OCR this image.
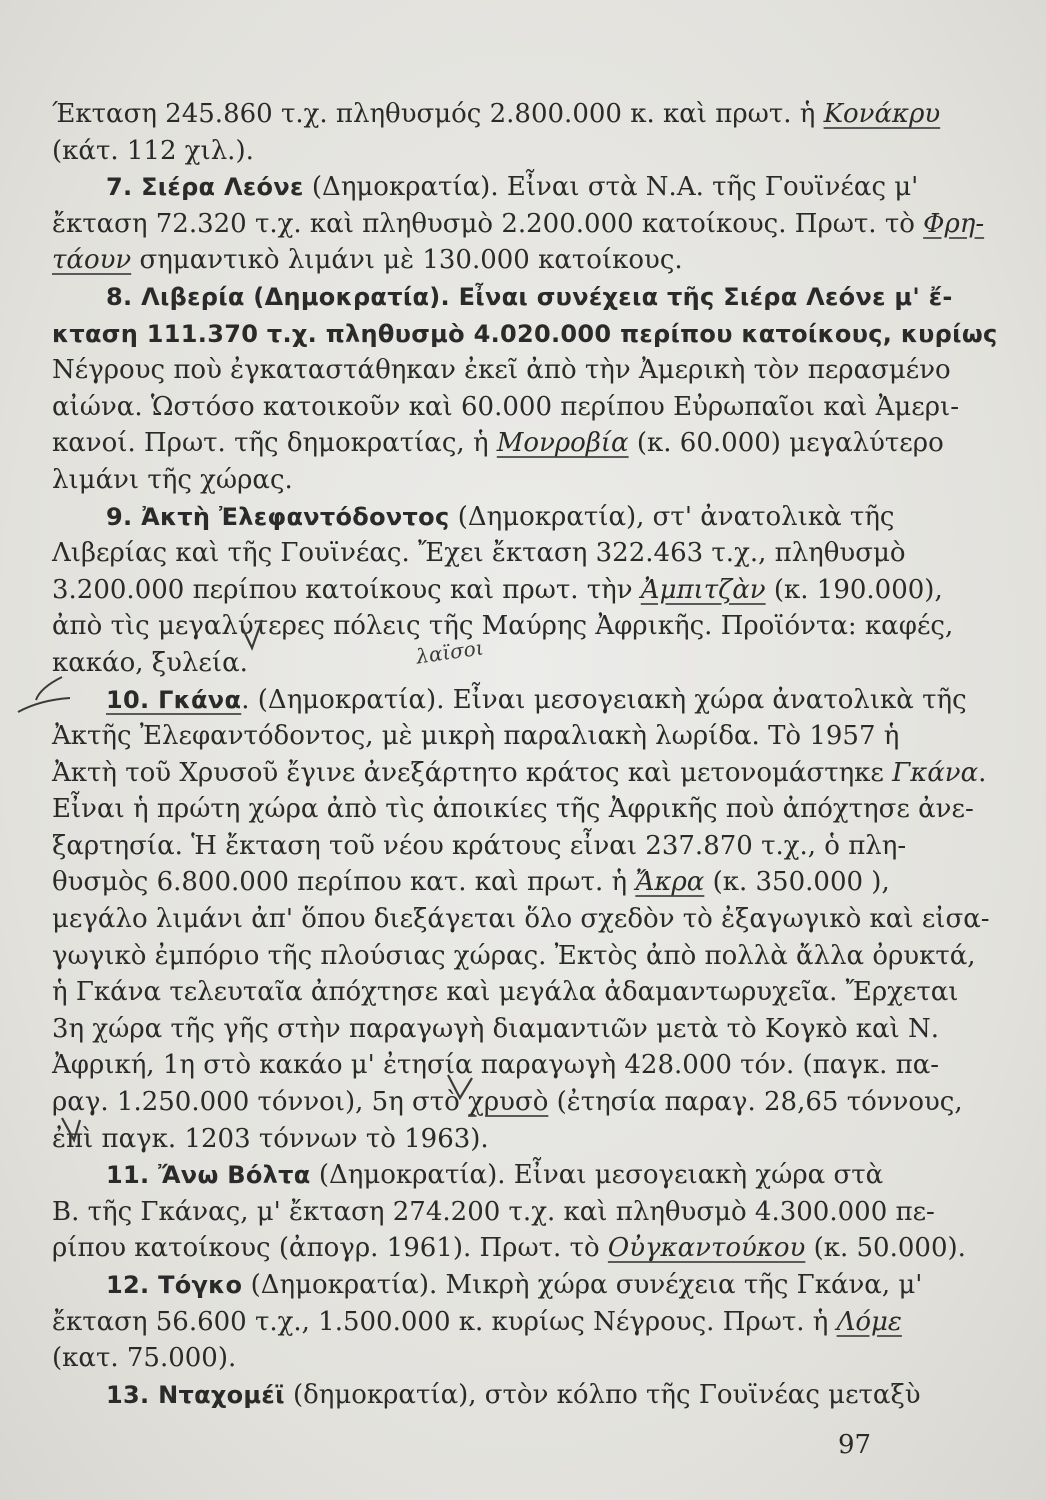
Έκταση 245.860 τ.χ. πληθυσμός 2.800.000 κ. καὶ πρωτ. ἡ Κονάκρυ
(κάτ. 112 χιλ.).
7. Σιέρα Λεόνε (Δημοκρατία). Εἶναι στὰ Ν.Α. τῆς Γουϊνέας μ'
ἔκταση 72.320 τ.χ. καὶ πληθυσμὸ 2.200.000 κατοίκους. Πρωτ. τὸ Φρη-
τάουν σημαντικὸ λιμάνι μὲ 130.000 κατοίκους.
8. Λιβερία (Δημοκρατία). Εἶναι συνέχεια τῆς Σιέρα Λεόνε μ' ἔ-
κταση 111.370 τ.χ. πληθυσμὸ 4.020.000 περίπου κατοίκους, κυρίως
Νέγρους ποὺ ἐγκαταστάθηκαν ἐκεῖ ἀπὸ τὴν Ἀμερικὴ τὸν περασμένο
αἰώνα. Ὡστόσο κατοικοῦν καὶ 60.000 περίπου Εὐρωπαῖοι καὶ Ἀμερι-
κανοί. Πρωτ. τῆς δημοκρατίας, ἡ Μονροβία (κ. 60.000) μεγαλύτερο
λιμάνι τῆς χώρας.
9. Ἀκτὴ Ἐλεφαντόδοντος (Δημοκρατία), στ' ἀνατολικὰ τῆς
Λιβερίας καὶ τῆς Γουϊνέας. Ἔχει ἔκταση 322.463 τ.χ., πληθυσμὸ
3.200.000 περίπου κατοίκους καὶ πρωτ. τὴν Ἀμπιτζὰν (κ. 190.000),
ἀπὸ τὶς μεγαλύτερες πόλεις τῆς Μαύρης Ἀφρικῆς. Προϊόντα: καφές,
κακάο, ξυλεία.
10. Γκάνα. (Δημοκρατία). Εἶναι μεσογειακὴ χώρα ἀνατολικὰ τῆς
Ἀκτῆς Ἐλεφαντόδοντος, μὲ μικρὴ παραλιακὴ λωρίδα. Τὸ 1957 ἡ
Ἀκτὴ τοῦ Χρυσοῦ ἔγινε ἀνεξάρτητο κράτος καὶ μετονομάστηκε Γκάνα.
Εἶναι ἡ πρώτη χώρα ἀπὸ τὶς ἀποικίες τῆς Ἀφρικῆς ποὺ ἀπόχτησε ἀνε-
ξαρτησία. Ἡ ἔκταση τοῦ νέου κράτους εἶναι 237.870 τ.χ., ὁ πλη-
θυσμὸς 6.800.000 περίπου κατ. καὶ πρωτ. ἡ Ἄκρα (κ. 350.000 ),
μεγάλο λιμάνι ἀπ' ὅπου διεξάγεται ὅλο σχεδὸν τὸ ἐξαγωγικὸ καὶ εἰσα-
γωγικὸ ἐμπόριο τῆς πλούσιας χώρας. Ἐκτὸς ἀπὸ πολλὰ ἄλλα ὀρυκτά,
ἡ Γκάνα τελευταῖα ἀπόχτησε καὶ μεγάλα ἀδαμαντωρυχεῖα. Ἔρχεται
3η χώρα τῆς γῆς στὴν παραγωγὴ διαμαντιῶν μετὰ τὸ Κογκὸ καὶ Ν.
Ἀφρική, 1η στὸ κακάο μ' ἐτησία παραγωγὴ 428.000 τόν. (παγκ. πα-
ραγ. 1.250.000 τόννοι), 5η στὸ χρυσὸ (ἐτησία παραγ. 28,65 τόννους,
ἐπὶ παγκ. 1203 τόννων τὸ 1963).
11. Ἄνω Βόλτα (Δημοκρατία). Εἶναι μεσογειακὴ χώρα στὰ
Β. τῆς Γκάνας, μ' ἔκταση 274.200 τ.χ. καὶ πληθυσμὸ 4.300.000 πε-
ρίπου κατοίκους (ἀπογρ. 1961). Πρωτ. τὸ Οὐγκαντούκου (κ. 50.000).
12. Τόγκο (Δημοκρατία). Μικρὴ χώρα συνέχεια τῆς Γκάνα, μ'
ἔκταση 56.600 τ.χ., 1.500.000 κ. κυρίως Νέγρους. Πρωτ. ἡ Λόμε
(κατ. 75.000).
13. Νταχομέϊ (δημοκρατία), στὸν κόλπο τῆς Γουϊνέας μεταξὺ
λαϊσοι
97
